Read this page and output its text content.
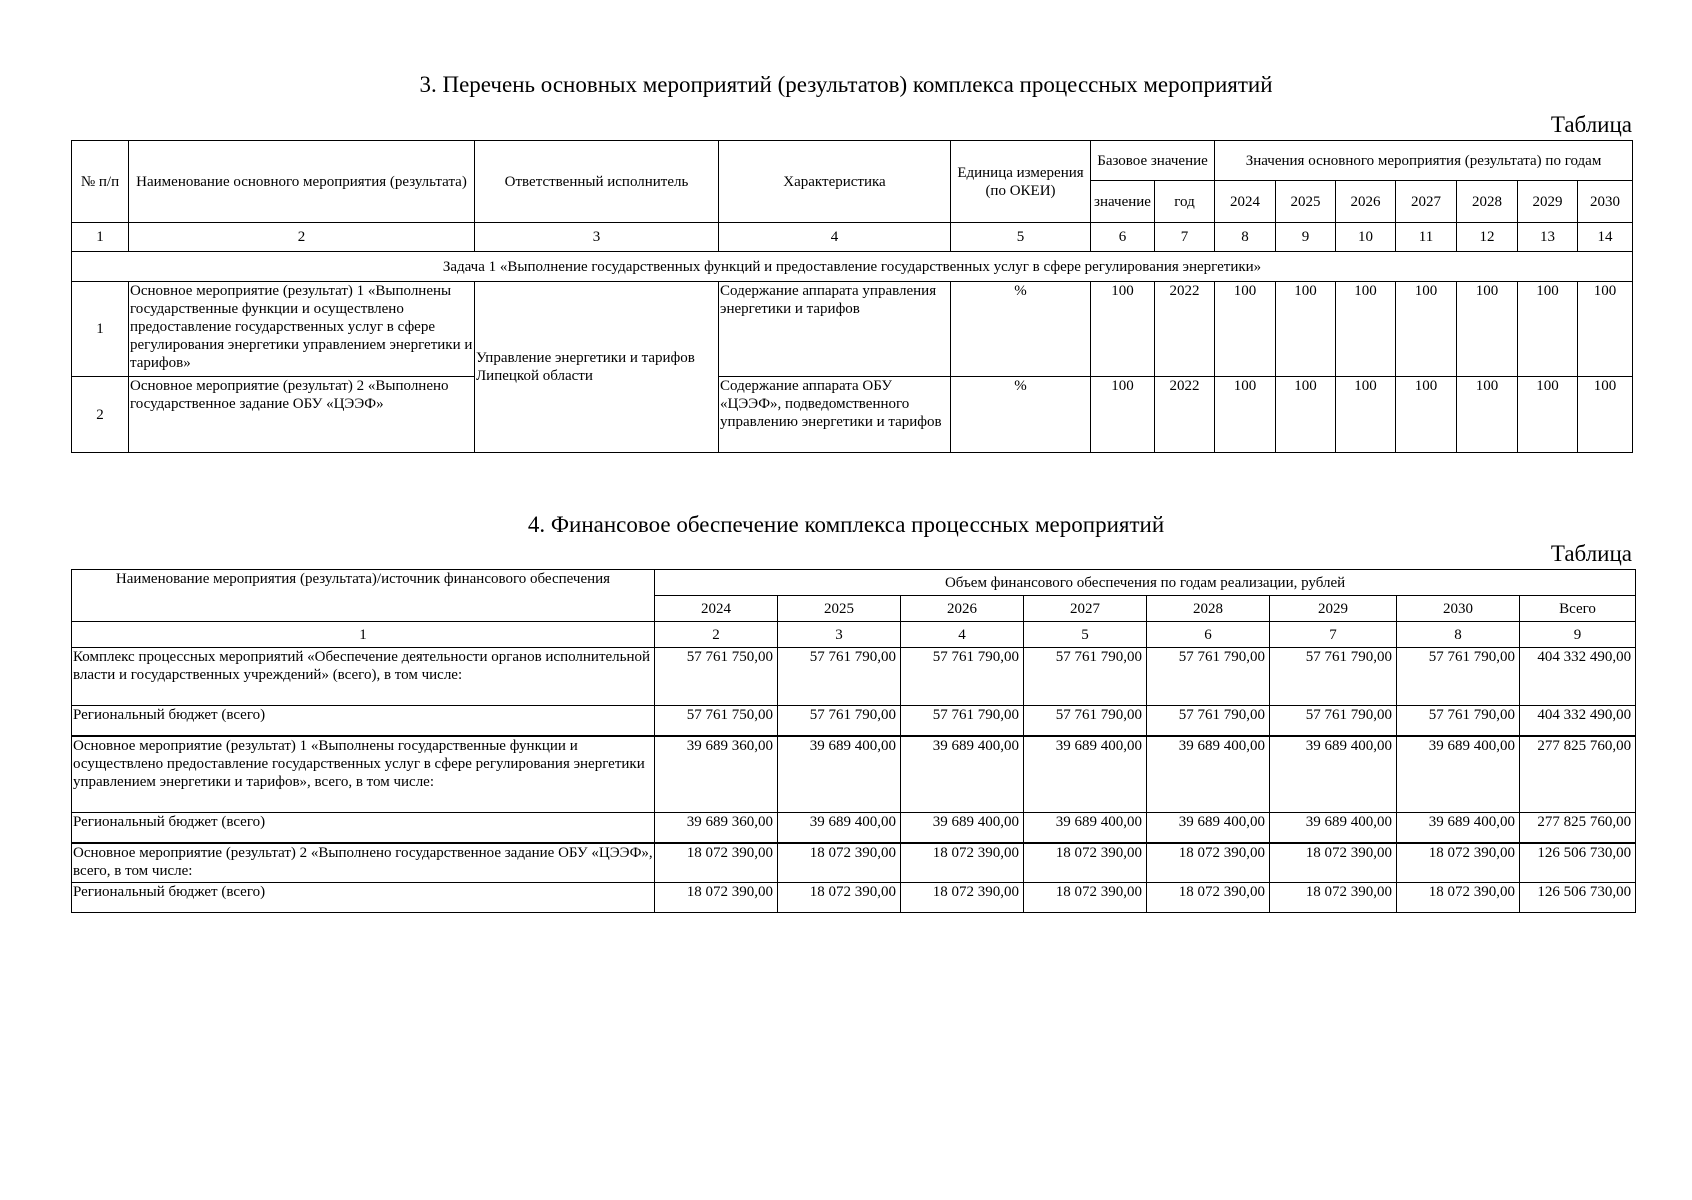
3. Перечень основных мероприятий (результатов) комплекса процессных мероприятий
Таблица
№ п/п	Наименование основного мероприятия (результата)	Ответственный исполнитель	Характеристика	Единица измерения (по ОКЕИ)	Базовое значение		Значения основного мероприятия (результата) по годам						
					значение	год	2024	2025	2026	2027	2028	2029	2030
1	2	3	4	5	6	7	8	9	10	11	12	13	14
Задача 1 «Выполнение государственных функций и предоставление государственных услуг в сфере регулирования энергетики»													
1	Основное мероприятие (результат) 1 «Выполнены государственные функции и осуществлено предоставление государственных услуг в сфере регулирования энергетики управлением энергетики и тарифов»	Управление энергетики и тарифов Липецкой области	Содержание аппарата управления энергетики и тарифов	%	100	2022	100	100	100	100	100	100	100
2	Основное мероприятие (результат) 2 «Выполнено государственное задание ОБУ «ЦЭЭФ»		Содержание аппарата ОБУ «ЦЭЭФ», подведомственного управлению энергетики и тарифов	%	100	2022	100	100	100	100	100	100	100
4. Финансовое обеспечение комплекса процессных мероприятий
Таблица
Наименование мероприятия (результата)/источник финансового обеспечения	Объем финансового обеспечения по годам реализации, рублей							
	2024	2025	2026	2027	2028	2029	2030	Всего
1	2	3	4	5	6	7	8	9
Комплекс процессных мероприятий «Обеспечение деятельности органов исполнительной власти и государственных учреждений» (всего), в том числе:	57 761 750,00	57 761 790,00	57 761 790,00	57 761 790,00	57 761 790,00	57 761 790,00	57 761 790,00	404 332 490,00
Региональный бюджет (всего)	57 761 750,00	57 761 790,00	57 761 790,00	57 761 790,00	57 761 790,00	57 761 790,00	57 761 790,00	404 332 490,00
Основное мероприятие (результат) 1 «Выполнены государственные функции и осуществлено предоставление государственных услуг в сфере регулирования энергетики управлением энергетики и тарифов», всего, в том числе:	39 689 360,00	39 689 400,00	39 689 400,00	39 689 400,00	39 689 400,00	39 689 400,00	39 689 400,00	277 825 760,00
Региональный бюджет (всего)	39 689 360,00	39 689 400,00	39 689 400,00	39 689 400,00	39 689 400,00	39 689 400,00	39 689 400,00	277 825 760,00
Основное мероприятие (результат) 2 «Выполнено государственное задание ОБУ «ЦЭЭФ», всего, в том числе:	18 072 390,00	18 072 390,00	18 072 390,00	18 072 390,00	18 072 390,00	18 072 390,00	18 072 390,00	126 506 730,00
Региональный бюджет (всего)	18 072 390,00	18 072 390,00	18 072 390,00	18 072 390,00	18 072 390,00	18 072 390,00	18 072 390,00	126 506 730,00
